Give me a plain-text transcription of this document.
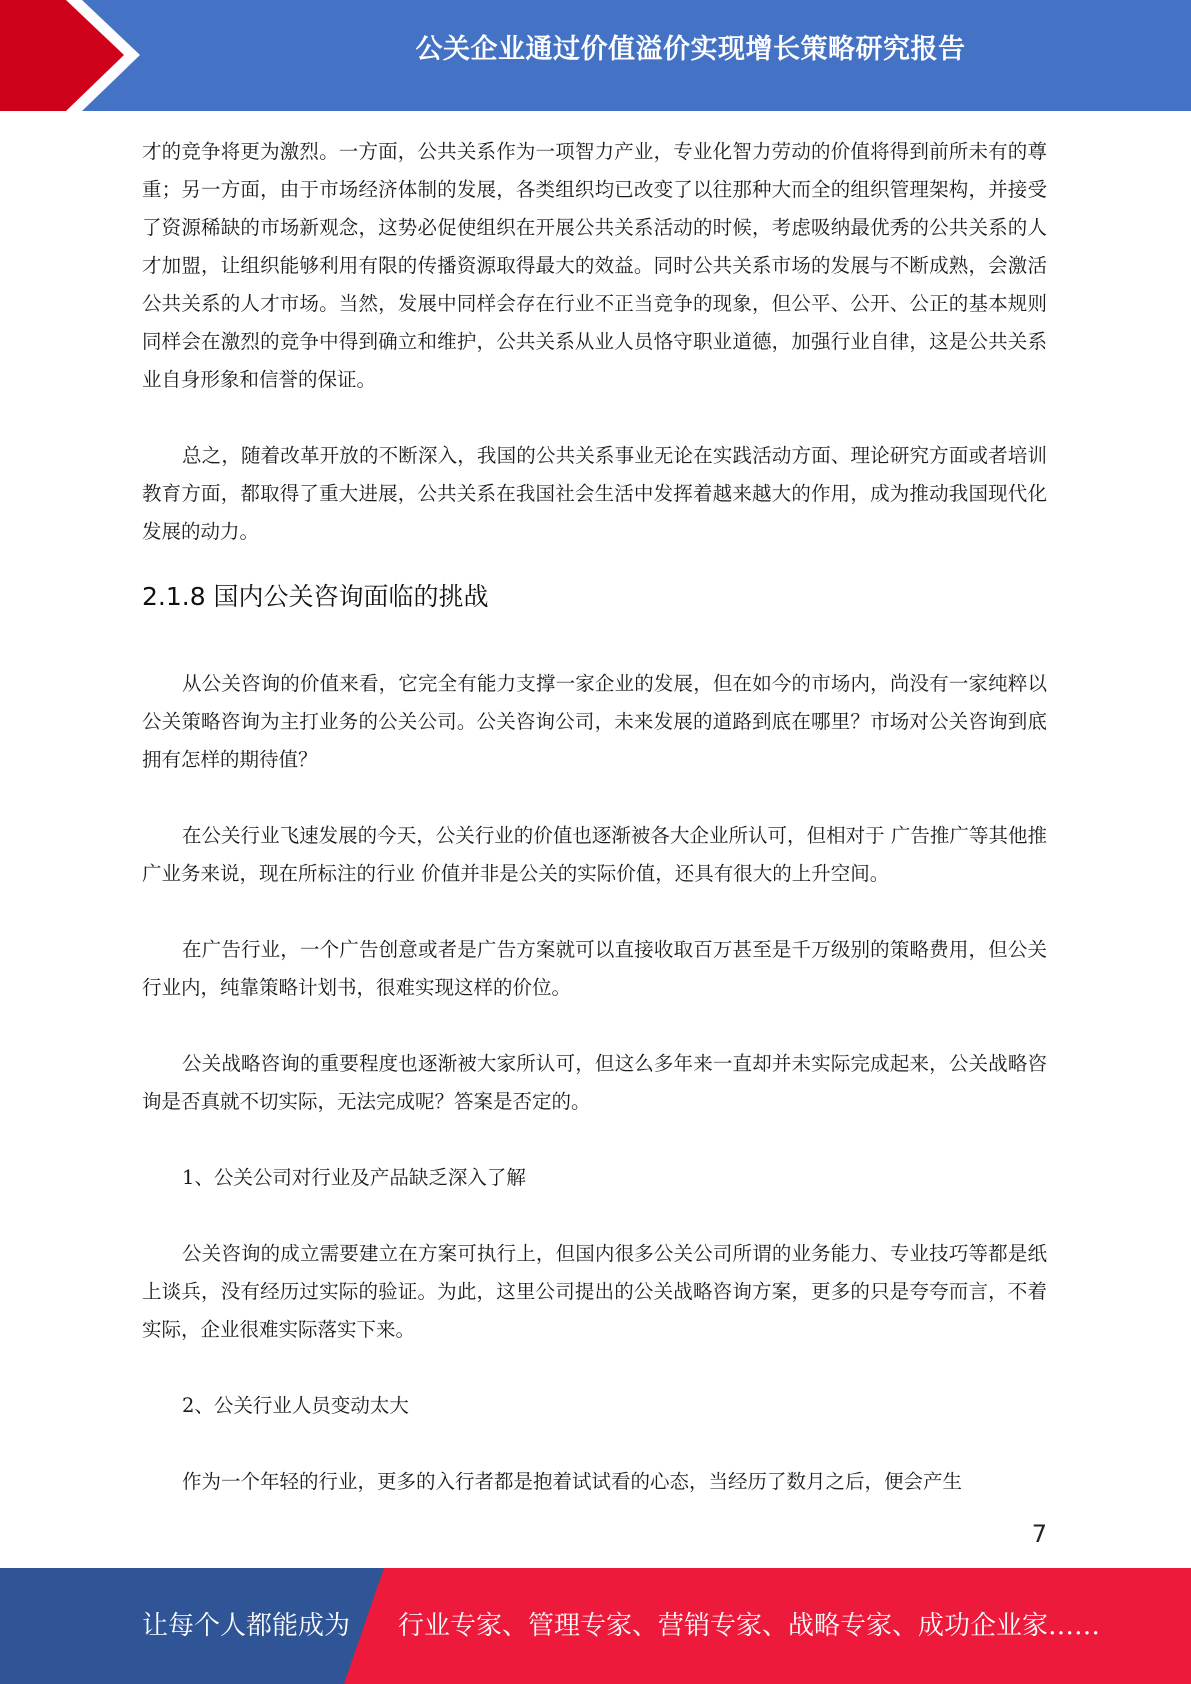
公关企业通过价值溢价实现增长策略研究报告

才的竞争将更为激烈。一方面，公共关系作为一项智力产业，专业化智力劳动的价值将得到前所未有的尊重；另一方面，由于市场经济体制的发展，各类组织均已改变了以往那种大而全的组织管理架构，并接受了资源稀缺的市场新观念，这势必促使组织在开展公共关系活动的时候，考虑吸纳最优秀的公共关系的人才加盟，让组织能够利用有限的传播资源取得最大的效益。同时公共关系市场的发展与不断成熟，会激活公共关系的人才市场。当然，发展中同样会存在行业不正当竞争的现象，但公平、公开、公正的基本规则同样会在激烈的竞争中得到确立和维护，公共关系从业人员恪守职业道德，加强行业自律，这是公共关系业自身形象和信誉的保证。

总之，随着改革开放的不断深入，我国的公共关系事业无论在实践活动方面、理论研究方面或者培训教育方面，都取得了重大进展，公共关系在我国社会生活中发挥着越来越大的作用，成为推动我国现代化发展的动力。

2.1.8 国内公关咨询面临的挑战

从公关咨询的价值来看，它完全有能力支撑一家企业的发展，但在如今的市场内，尚没有一家纯粹以公关策略咨询为主打业务的公关公司。公关咨询公司，未来发展的道路到底在哪里？市场对公关咨询到底拥有怎样的期待值？

在公关行业飞速发展的今天，公关行业的价值也逐渐被各大企业所认可，但相对于 广告推广等其他推广业务来说，现在所标注的行业 价值并非是公关的实际价值，还具有很大的上升空间。

在广告行业，一个广告创意或者是广告方案就可以直接收取百万甚至是千万级别的策略费用，但公关行业内，纯靠策略计划书，很难实现这样的价位。

公关战略咨询的重要程度也逐渐被大家所认可，但这么多年来一直却并未实际完成起来，公关战略咨询是否真就不切实际，无法完成呢？答案是否定的。

1、公关公司对行业及产品缺乏深入了解

公关咨询的成立需要建立在方案可执行上，但国内很多公关公司所谓的业务能力、专业技巧等都是纸上谈兵，没有经历过实际的验证。为此，这里公司提出的公关战略咨询方案，更多的只是夸夸而言，不着实际，企业很难实际落实下来。

2、公关行业人员变动太大

作为一个年轻的行业，更多的入行者都是抱着试试看的心态，当经历了数月之后，便会产生

7
让每个人都能成为 行业专家、管理专家、营销专家、战略专家、成功企业家……
